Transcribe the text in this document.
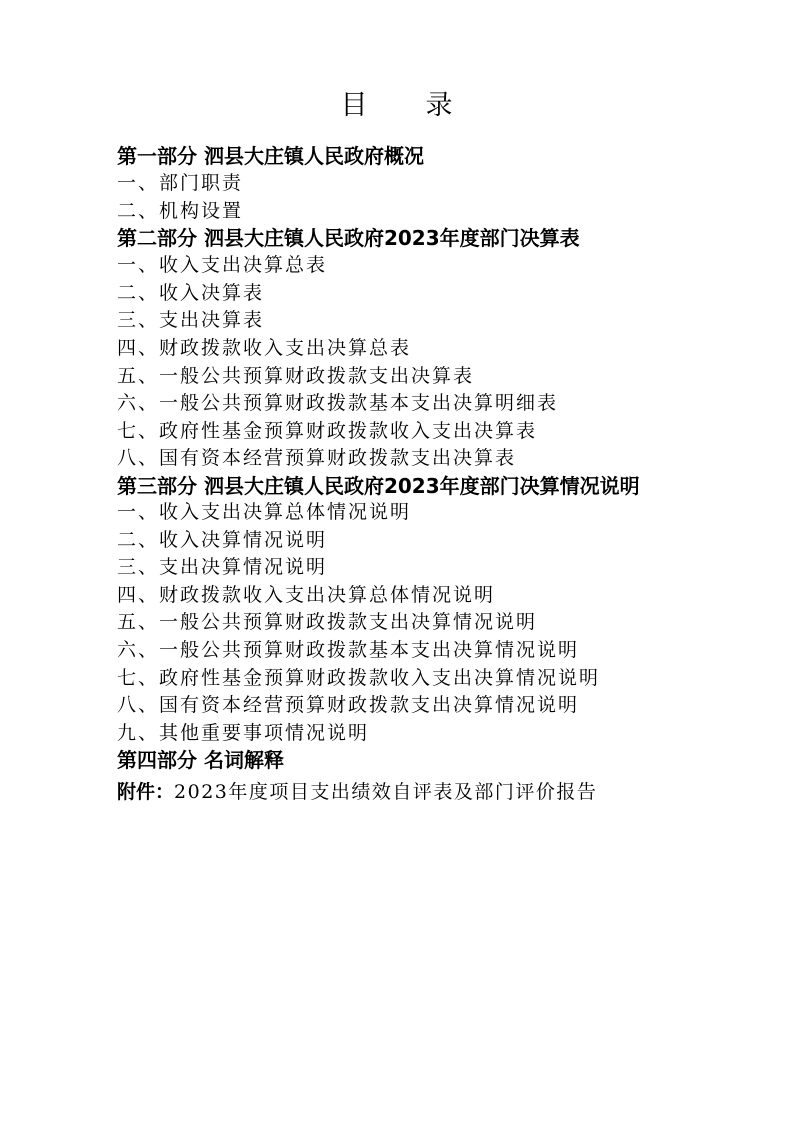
目 录
第一部分 泗县大庄镇人民政府概况
一、部门职责
二、机构设置
第二部分 泗县大庄镇人民政府2023年度部门决算表
一、收入支出决算总表
二、收入决算表
三、支出决算表
四、财政拨款收入支出决算总表
五、一般公共预算财政拨款支出决算表
六、一般公共预算财政拨款基本支出决算明细表
七、政府性基金预算财政拨款收入支出决算表
八、国有资本经营预算财政拨款支出决算表
第三部分 泗县大庄镇人民政府2023年度部门决算情况说明
一、收入支出决算总体情况说明
二、收入决算情况说明
三、支出决算情况说明
四、财政拨款收入支出决算总体情况说明
五、一般公共预算财政拨款支出决算情况说明
六、一般公共预算财政拨款基本支出决算情况说明
七、政府性基金预算财政拨款收入支出决算情况说明
八、国有资本经营预算财政拨款支出决算情况说明
九、其他重要事项情况说明
第四部分 名词解释
附件：2023年度项目支出绩效自评表及部门评价报告
